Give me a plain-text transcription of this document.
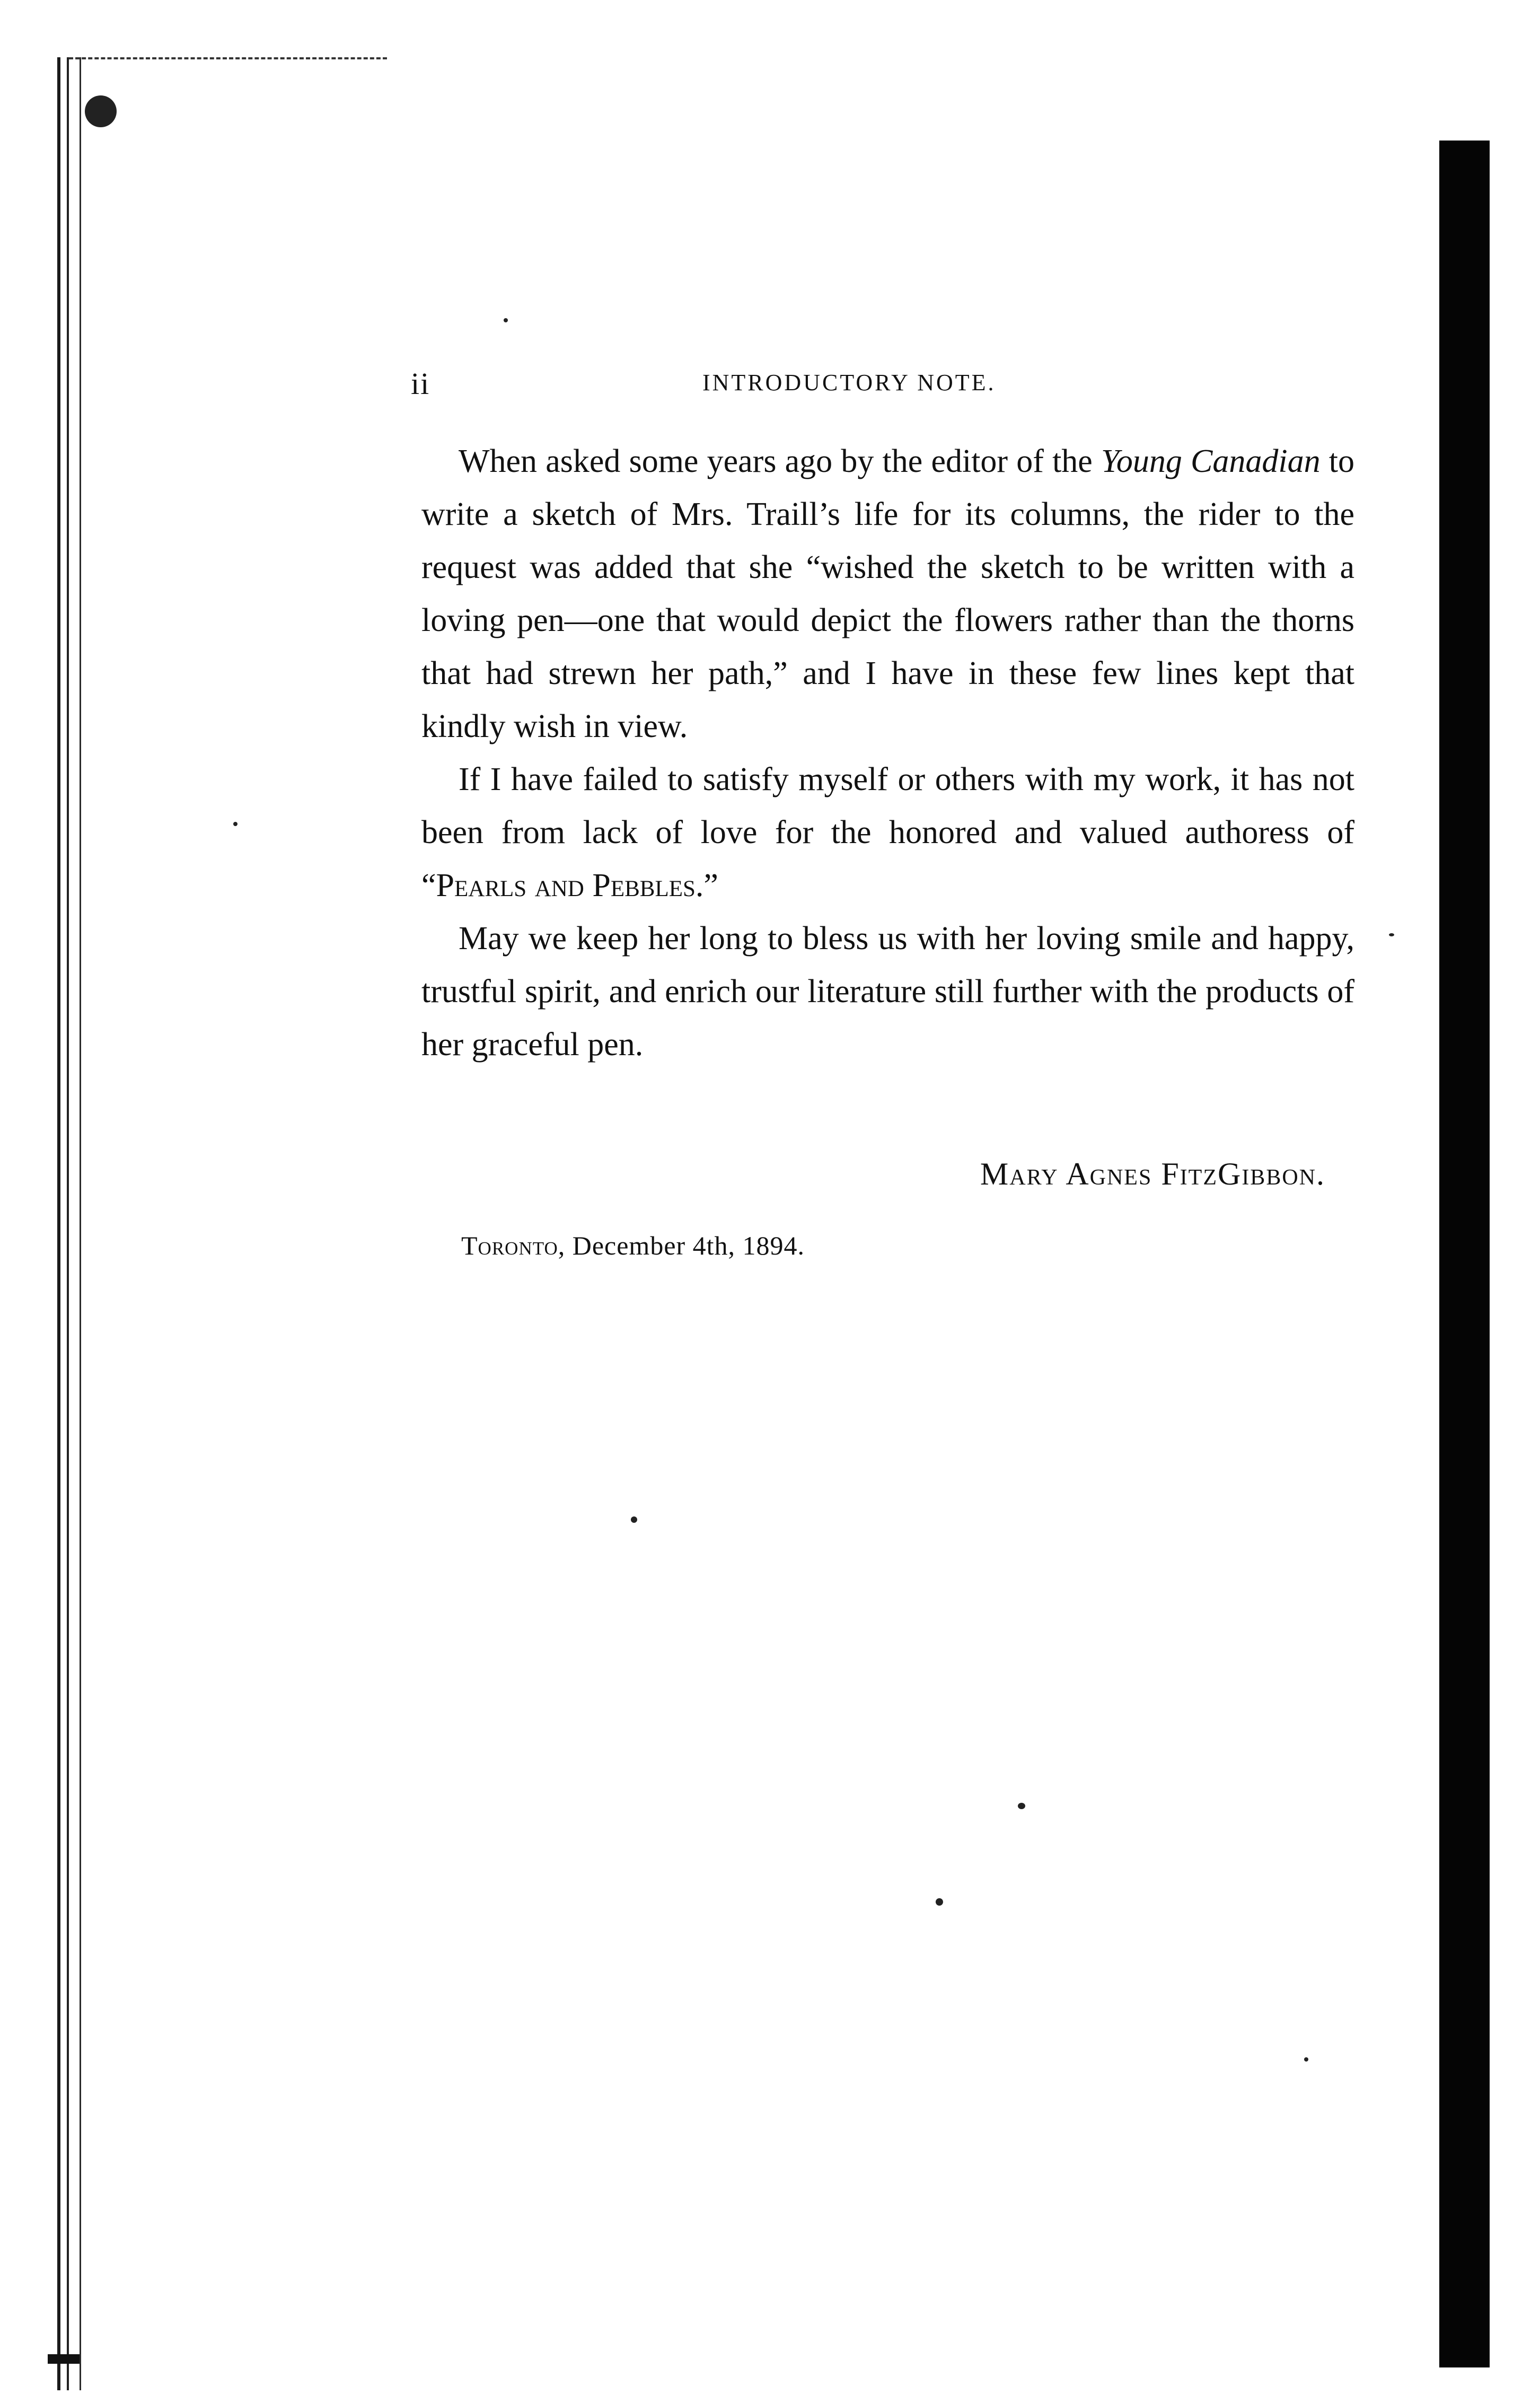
ii	INTRODUCTORY NOTE.

When asked some years ago by the editor of the Young Canadian to write a sketch of Mrs. Traill’s life for its columns, the rider to the request was added that she “wished the sketch to be written with a loving pen—one that would depict the flowers rather than the thorns that had strewn her path,” and I have in these few lines kept that kindly wish in view.

If I have failed to satisfy myself or others with my work, it has not been from lack of love for the honored and valued authoress of “Pearls and Pebbles.”

May we keep her long to bless us with her loving smile and happy, trustful spirit, and enrich our literature still further with the products of her graceful pen.

Mary Agnes FitzGibbon.
Toronto, December 4th, 1894.
